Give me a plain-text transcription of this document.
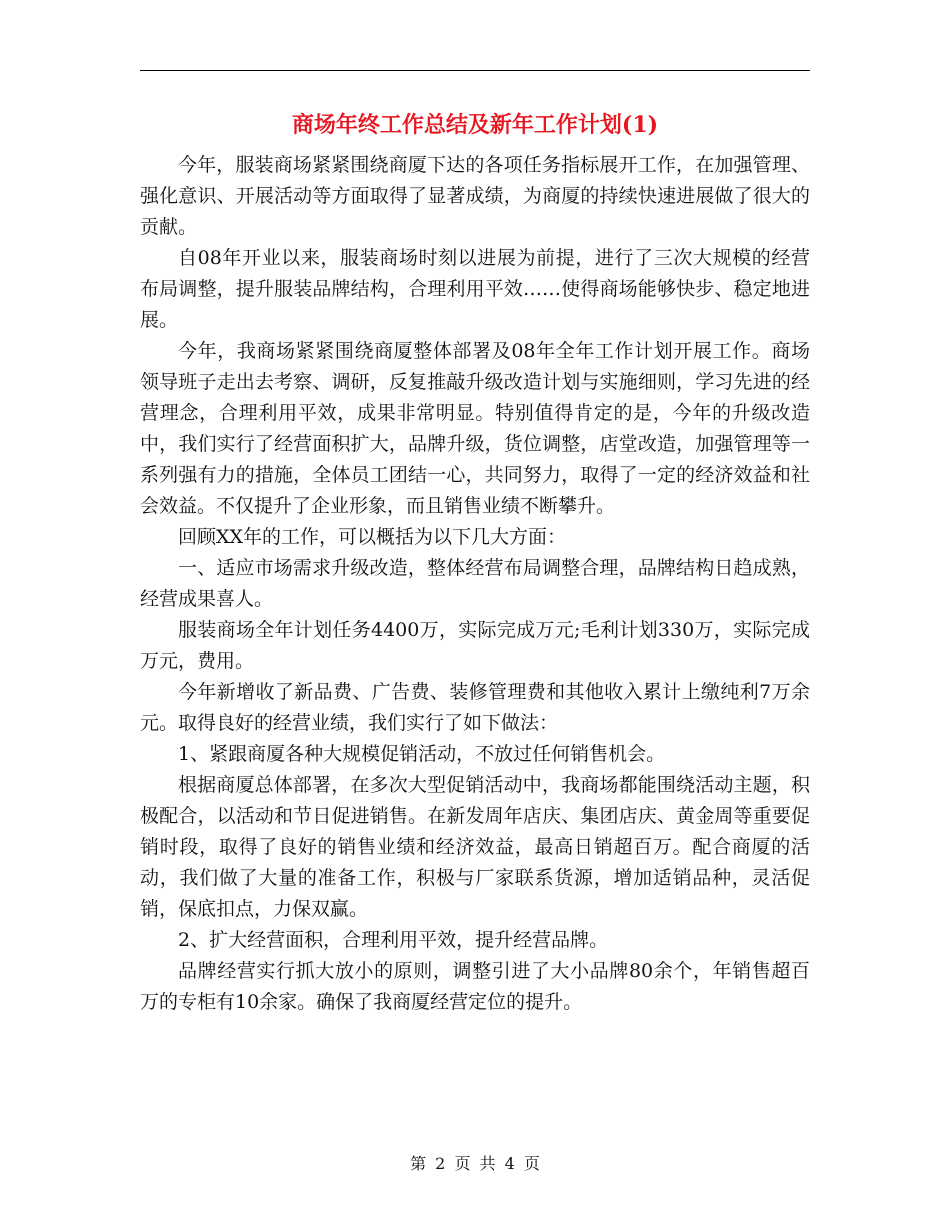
商场年终工作总结及新年工作计划(1)

今年，服装商场紧紧围绕商厦下达的各项任务指标展开工作，在加强管理、强化意识、开展活动等方面取得了显著成绩，为商厦的持续快速进展做了很大的贡献。

自08年开业以来，服装商场时刻以进展为前提，进行了三次大规模的经营布局调整，提升服装品牌结构，合理利用平效……使得商场能够快步、稳定地进展。

今年，我商场紧紧围绕商厦整体部署及08年全年工作计划开展工作。商场领导班子走出去考察、调研，反复推敲升级改造计划与实施细则，学习先进的经营理念，合理利用平效，成果非常明显。特别值得肯定的是，今年的升级改造中，我们实行了经营面积扩大，品牌升级，货位调整，店堂改造，加强管理等一系列强有力的措施，全体员工团结一心，共同努力，取得了一定的经济效益和社会效益。不仅提升了企业形象，而且销售业绩不断攀升。

回顾XX年的工作，可以概括为以下几大方面：

一、适应市场需求升级改造，整体经营布局调整合理，品牌结构日趋成熟，经营成果喜人。

服装商场全年计划任务4400万，实际完成万元;毛利计划330万，实际完成万元，费用。

今年新增收了新品费、广告费、装修管理费和其他收入累计上缴纯利7万余元。取得良好的经营业绩，我们实行了如下做法：

1、紧跟商厦各种大规模促销活动，不放过任何销售机会。

根据商厦总体部署，在多次大型促销活动中，我商场都能围绕活动主题，积极配合，以活动和节日促进销售。在新发周年店庆、集团店庆、黄金周等重要促销时段，取得了良好的销售业绩和经济效益，最高日销超百万。配合商厦的活动，我们做了大量的准备工作，积极与厂家联系货源，增加适销品种，灵活促销，保底扣点，力保双赢。

2、扩大经营面积，合理利用平效，提升经营品牌。

品牌经营实行抓大放小的原则，调整引进了大小品牌80余个，年销售超百万的专柜有10余家。确保了我商厦经营定位的提升。

第 2 页 共 4 页
